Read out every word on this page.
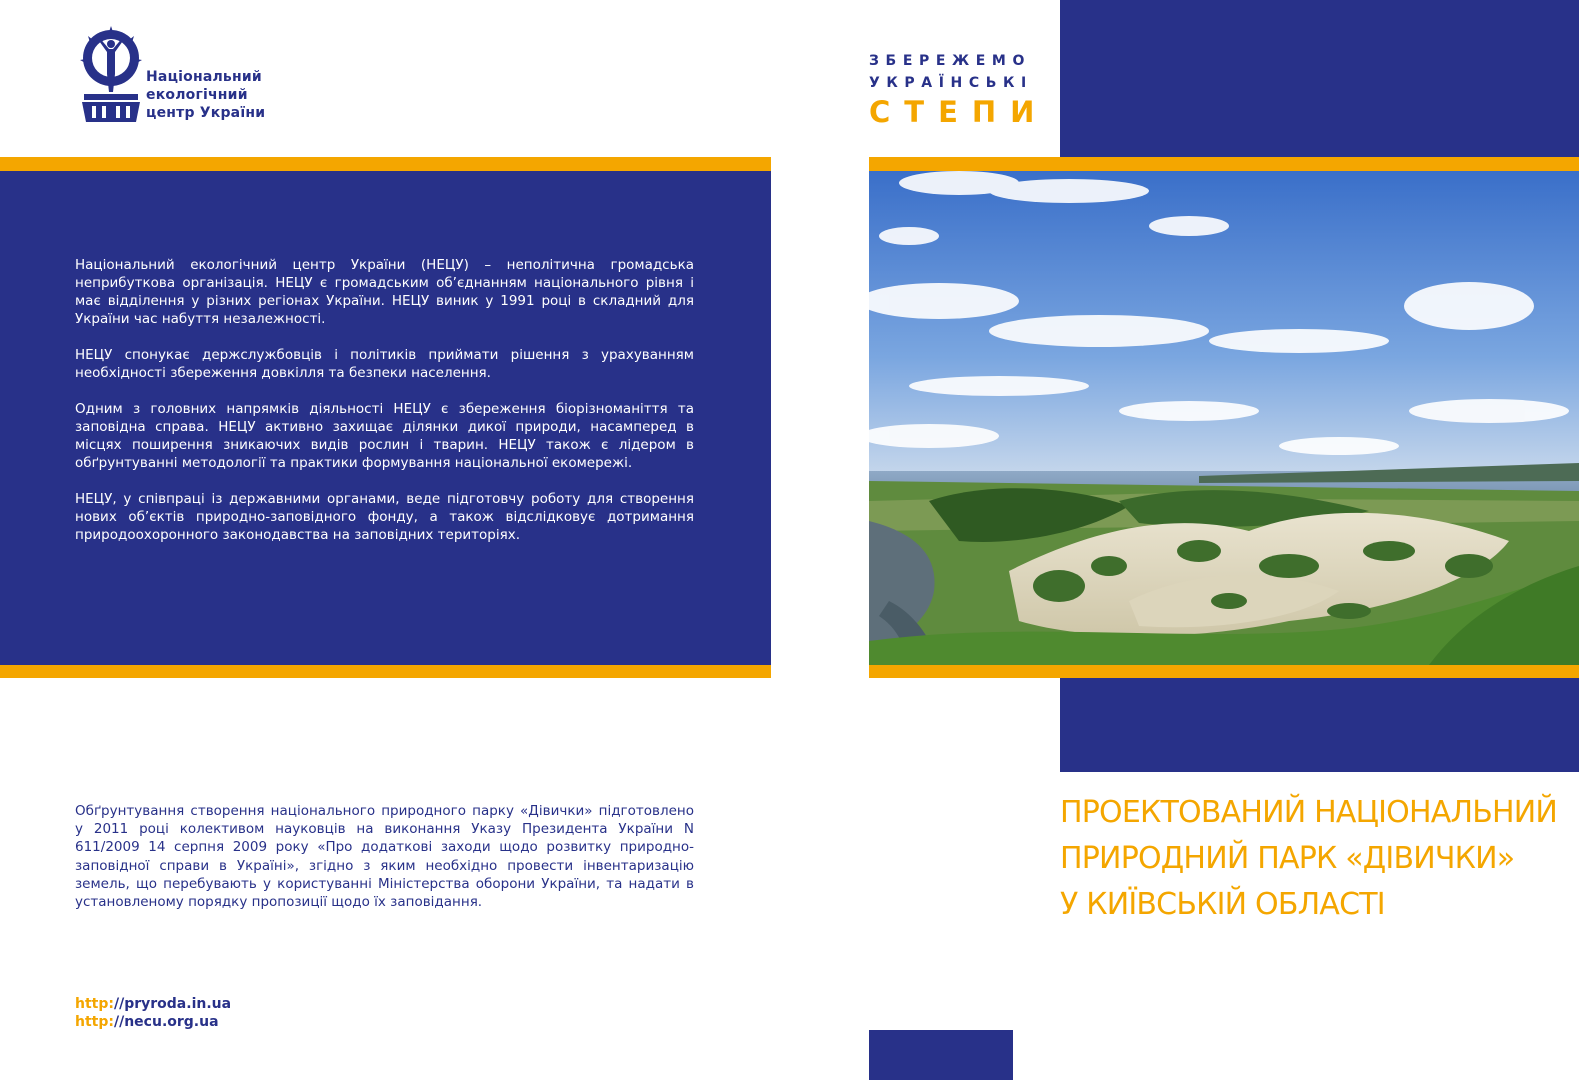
Національний
екологічний
центр України

Національний екологічний центр України (НЕЦУ) – неполітична громадська неприбуткова організація. НЕЦУ є громадським об’єднанням національного рівня і має відділення у різних регіонах України. НЕЦУ виник у 1991 році в складний для України час набуття незалежності.

НЕЦУ спонукає держслужбовців і політиків приймати рішення з урахуванням необхідності збереження довкілля та безпеки населення.

Одним з головних напрямків діяльності НЕЦУ є збереження біорізноманіття та заповідна справа. НЕЦУ активно захищає ділянки дикої природи, насамперед в місцях поширення зникаючих видів рослин і тварин. НЕЦУ також є лідером в обґрунтуванні методології та практики формування національної екомережі.

НЕЦУ, у співпраці із державними органами, веде підготовчу роботу для створення нових об’єктів природно-заповідного фонду, а також відслідковує дотримання природоохоронного законодавства на заповідних територіях.

Обґрунтування створення національного природного парку «Дівички» підготовлено у 2011 році колективом науковців на виконання Указу Президента України N 611/2009 14 серпня 2009 року «Про додаткові заходи щодо розвитку природно-заповідної справи в Україні», згідно з яким необхідно провести інвентаризацію земель, що перебувають у користуванні Міністерства оборони України, та надати в установленому порядку пропозиції щодо їх заповідання.

http://pryroda.in.ua
http://necu.org.ua
ЗБЕРЕЖЕМО
УКРАЇНСЬКІ
СТЕПИ
ПРОЕКТОВАНИЙ НАЦІОНАЛЬНИЙ
ПРИРОДНИЙ ПАРК «ДІВИЧКИ»
У КИЇВСЬКІЙ ОБЛАСТІ
